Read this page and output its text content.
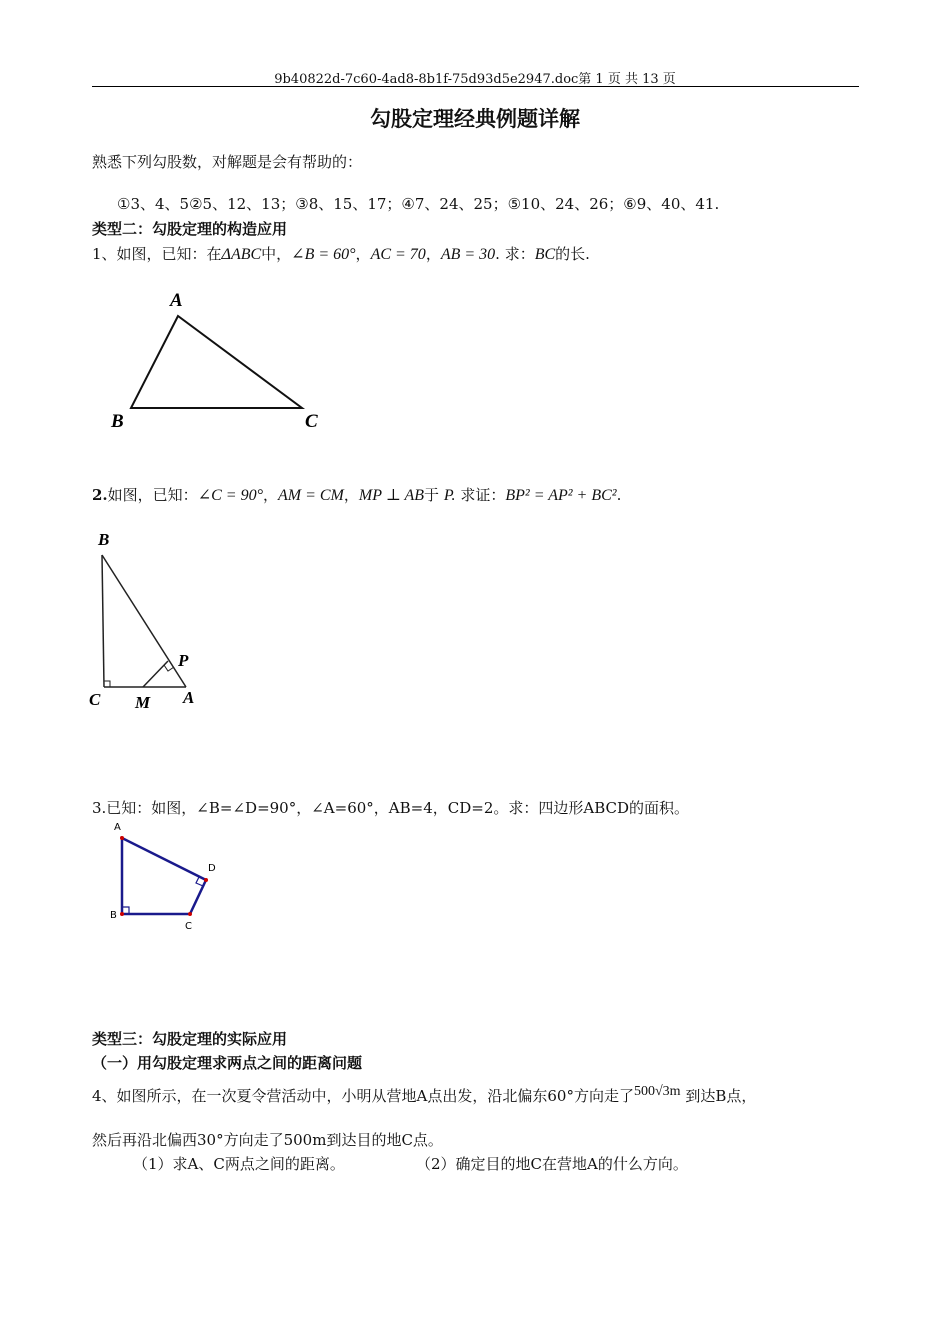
9b40822d-7c60-4ad8-8b1f-75d93d5e2947.doc第 1 页 共 13 页
勾股定理经典例题详解
熟悉下列勾股数，对解题是会有帮助的：
①3、4、5②5、12、13；③8、15、17；④7、24、25；⑤10、24、26；⑥9、40、41.
类型二：勾股定理的构造应用
1、如图，已知：在ΔABC中，∠B = 60°，AC = 70，AB = 30. 求：BC的长.
A
B	C
2.如图，已知：∠C = 90°，AM = CM，MP ⊥ AB于 P. 求证：BP² = AP² + BC².
B
P
C M A
3.已知：如图，∠B=∠D=90°，∠A=60°，AB=4，CD=2。求：四边形ABCD的面积。
A
D
B
C
类型三：勾股定理的实际应用
（一）用勾股定理求两点之间的距离问题
4、如图所示，在一次夏令营活动中，小明从营地A点出发，沿北偏东60°方向走了500√3m 到达B点，
然后再沿北偏西30°方向走了500m到达目的地C点。
（1）求A、C两点之间的距离。	（2）确定目的地C在营地A的什么方向。
